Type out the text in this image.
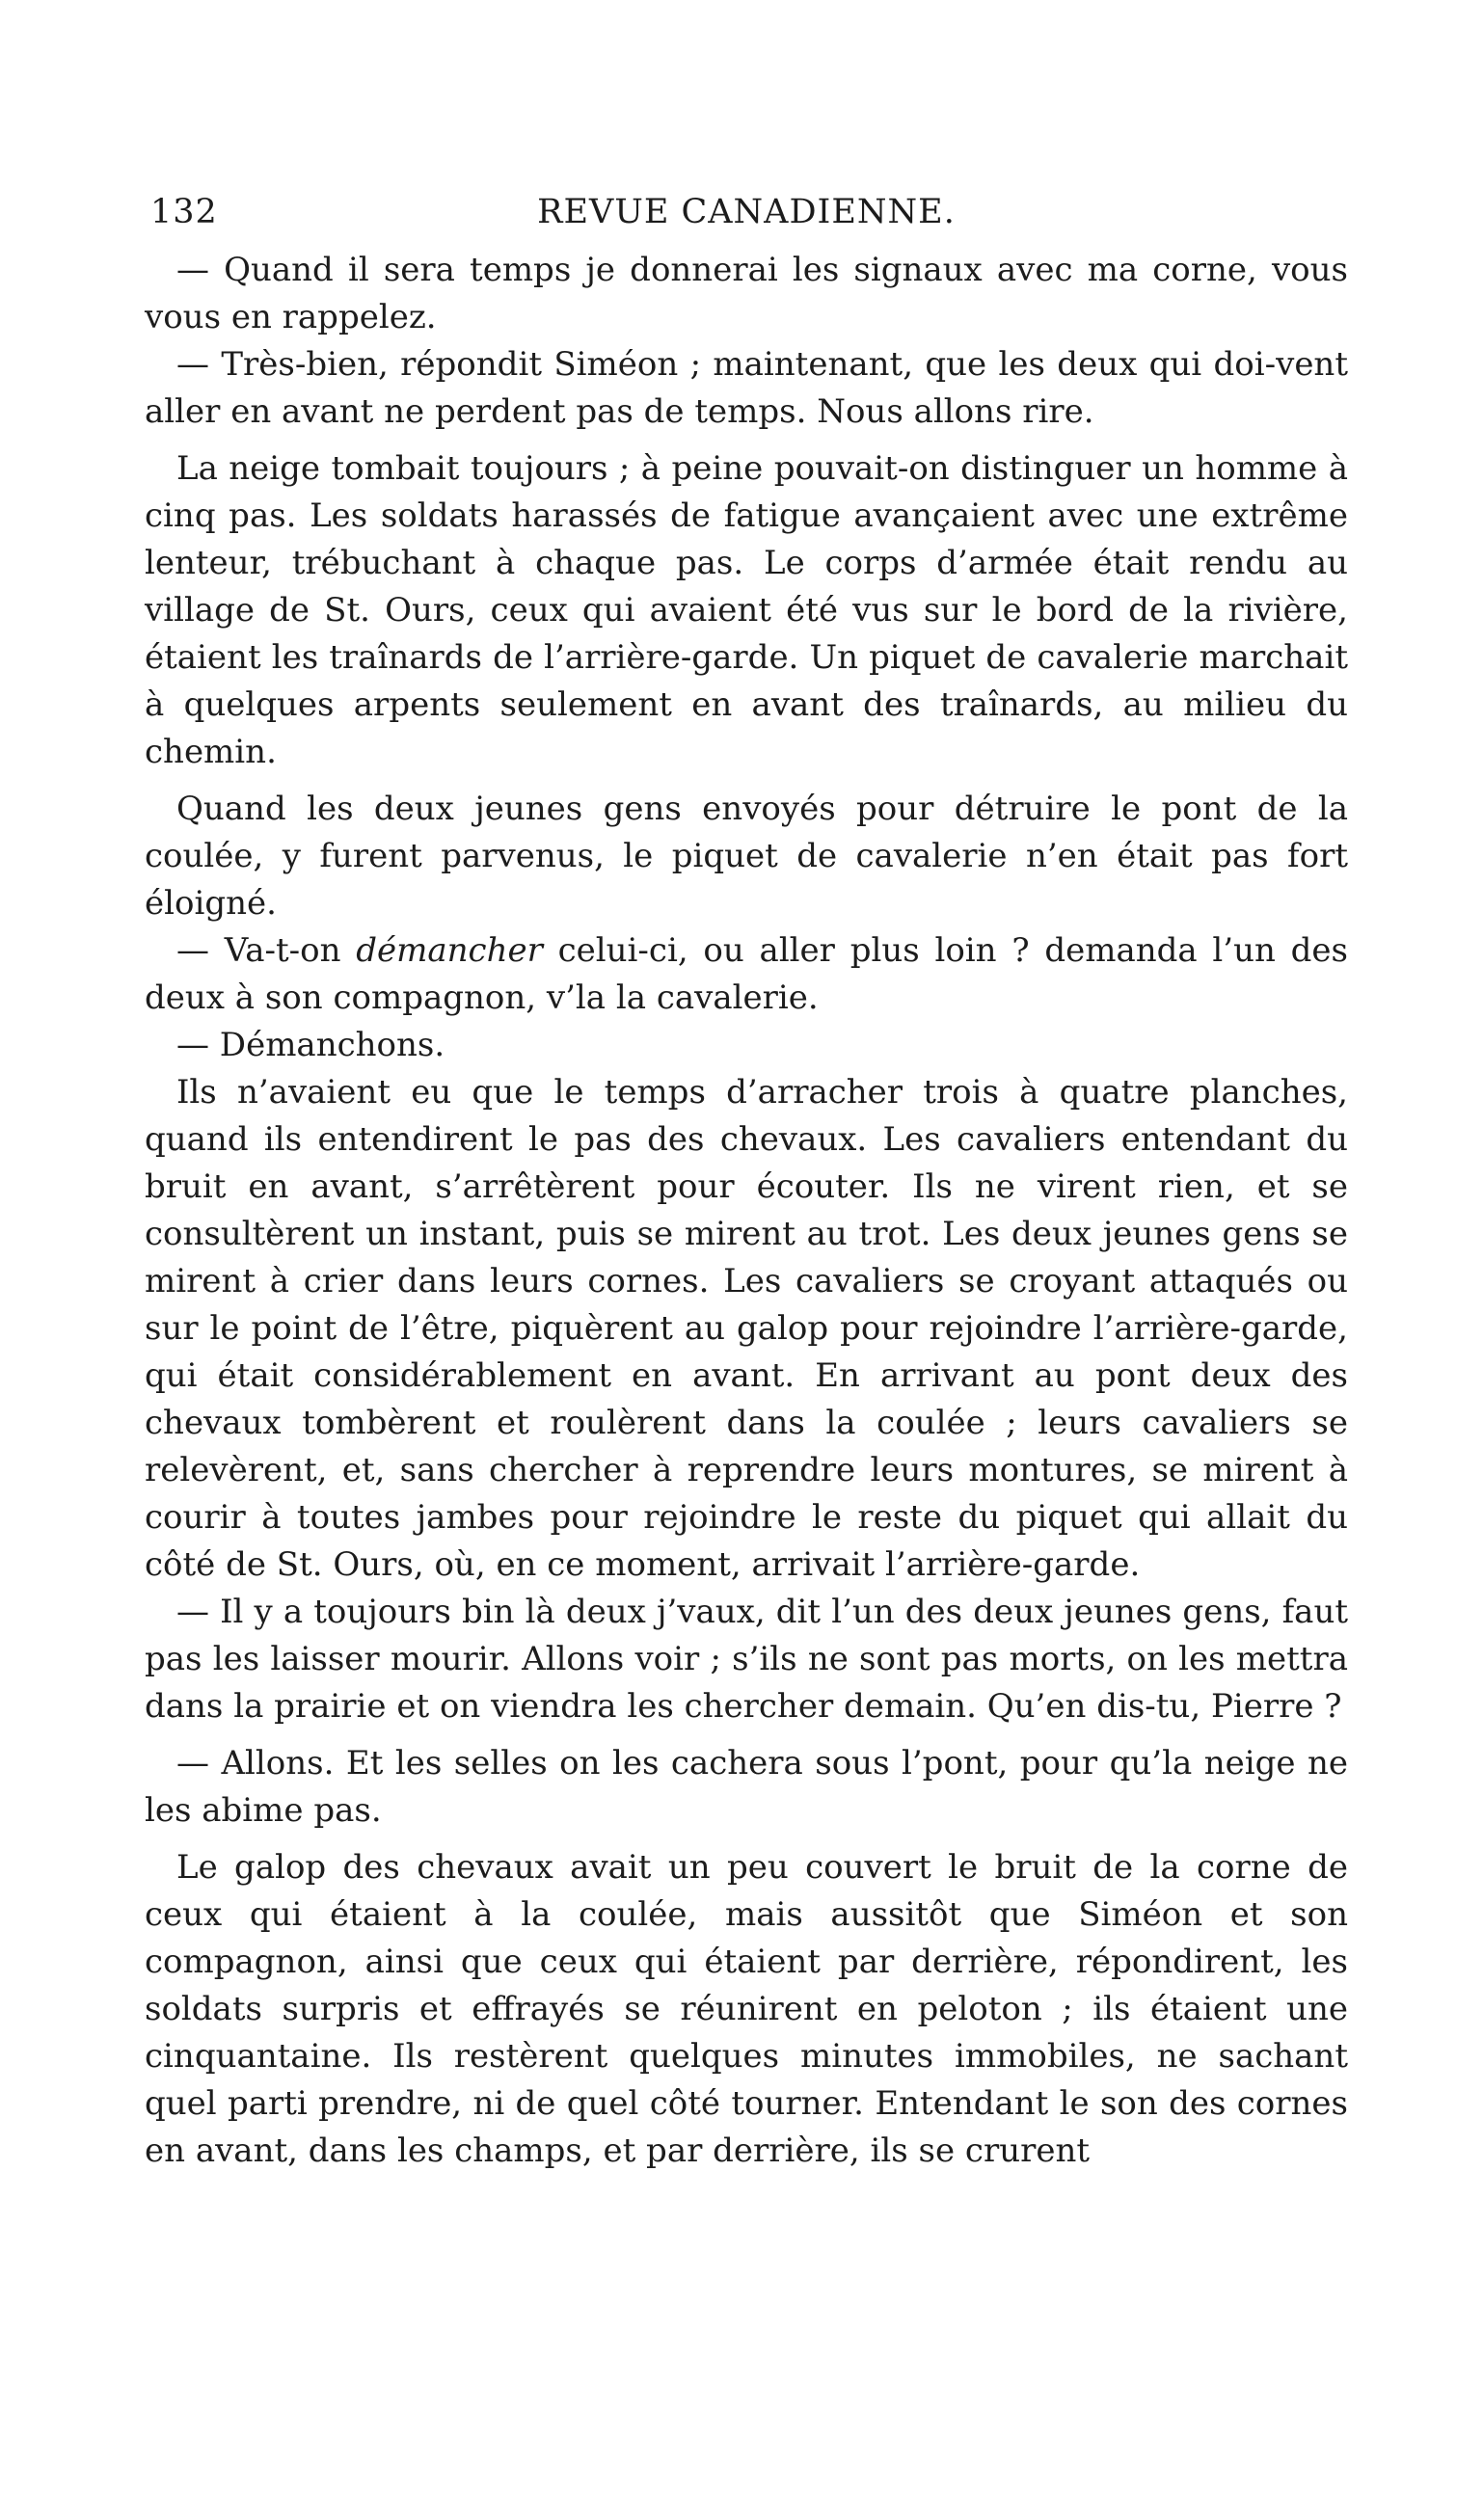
132	REVUE CANADIENNE.

— Quand il sera temps je donnerai les signaux avec ma corne, vous vous en rappelez.

— Très-bien, répondit Siméon ; maintenant, que les deux qui doi-vent aller en avant ne perdent pas de temps. Nous allons rire.

La neige tombait toujours ; à peine pouvait-on distinguer un homme à cinq pas. Les soldats harassés de fatigue avançaient avec une extrême lenteur, trébuchant à chaque pas. Le corps d’armée était rendu au village de St. Ours, ceux qui avaient été vus sur le bord de la rivière, étaient les traînards de l’arrière-garde. Un piquet de cavalerie marchait à quelques arpents seulement en avant des traînards, au milieu du chemin.

Quand les deux jeunes gens envoyés pour détruire le pont de la coulée, y furent parvenus, le piquet de cavalerie n’en était pas fort éloigné.

— Va-t-on démancher celui-ci, ou aller plus loin ? demanda l’un des deux à son compagnon, v’la la cavalerie.

— Démanchons.

Ils n’avaient eu que le temps d’arracher trois à quatre planches, quand ils entendirent le pas des chevaux. Les cavaliers entendant du bruit en avant, s’arrêtèrent pour écouter. Ils ne virent rien, et se consultèrent un instant, puis se mirent au trot. Les deux jeunes gens se mirent à crier dans leurs cornes. Les cavaliers se croyant attaqués ou sur le point de l’être, piquèrent au galop pour rejoindre l’arrière-garde, qui était considérablement en avant. En arrivant au pont deux des chevaux tombèrent et roulèrent dans la coulée ; leurs cavaliers se relevèrent, et, sans chercher à reprendre leurs montures, se mirent à courir à toutes jambes pour rejoindre le reste du piquet qui allait du côté de St. Ours, où, en ce moment, arrivait l’arrière-garde.

— Il y a toujours bin là deux j’vaux, dit l’un des deux jeunes gens, faut pas les laisser mourir. Allons voir ; s’ils ne sont pas morts, on les mettra dans la prairie et on viendra les chercher demain. Qu’en dis-tu, Pierre ?

— Allons. Et les selles on les cachera sous l’pont, pour qu’la neige ne les abime pas.

Le galop des chevaux avait un peu couvert le bruit de la corne de ceux qui étaient à la coulée, mais aussitôt que Siméon et son compagnon, ainsi que ceux qui étaient par derrière, répondirent, les soldats surpris et effrayés se réunirent en peloton ; ils étaient une cinquantaine. Ils restèrent quelques minutes immobiles, ne sachant quel parti prendre, ni de quel côté tourner. Entendant le son des cornes en avant, dans les champs, et par derrière, ils se crurent
